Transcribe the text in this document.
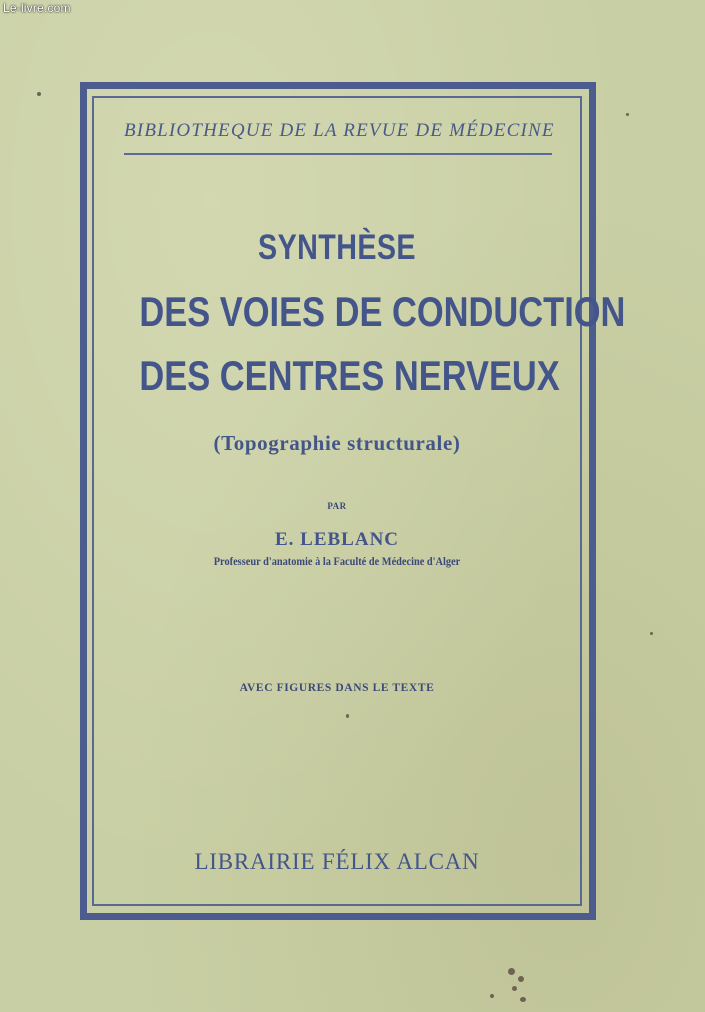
Le-livre.com
BIBLIOTHEQUE DE LA REVUE DE MÉDECINE
SYNTHÈSE
DES VOIES DE CONDUCTION
DES CENTRES NERVEUX
(Topographie structurale)
PAR
E. LEBLANC
Professeur d'anatomie à la Faculté de Médecine d'Alger
AVEC FIGURES DANS LE TEXTE
LIBRAIRIE FÉLIX ALCAN
